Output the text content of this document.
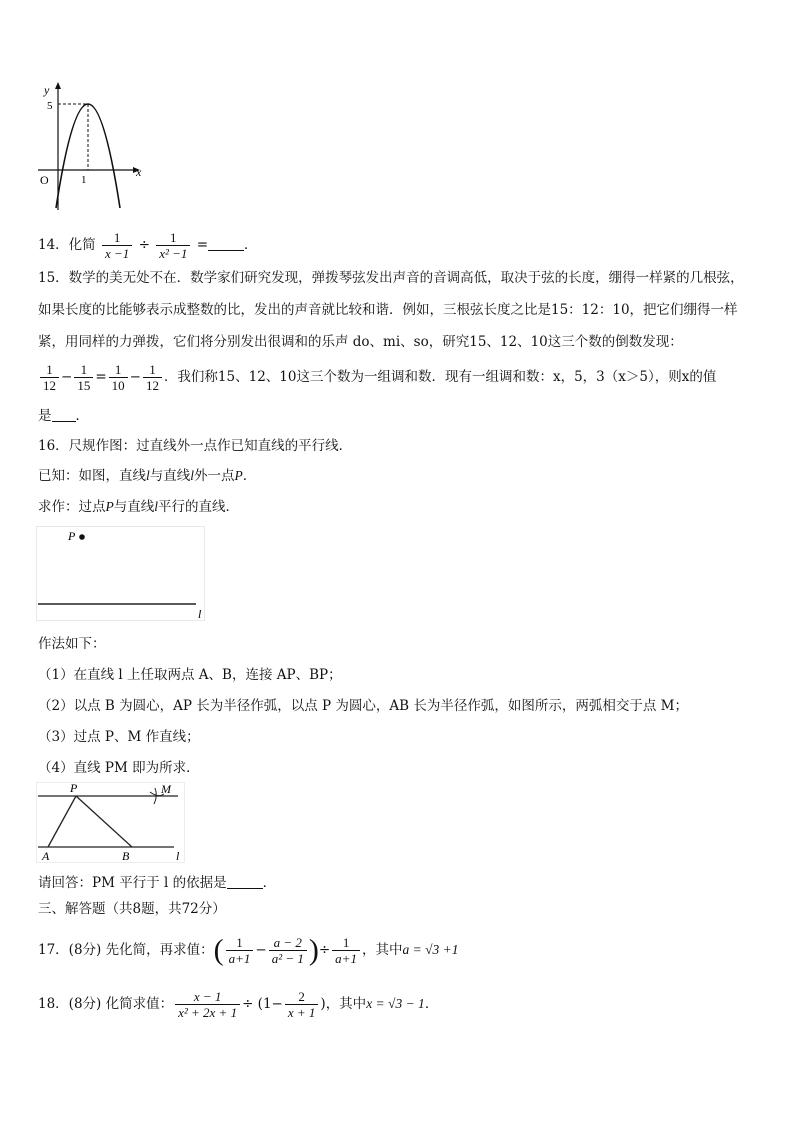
y
x
O
5
1
14．化简 $\frac{1}{x -1} \div \frac{1}{\text{x² −1}}$ =	．
15．数学的美无处不在．数学家们研究发现，弹拨琴弦发出声音的音调高低，取决于弦的长度，绷得一样紧的几根弦，
如果长度的比能够表示成整数的比，发出的声音就比较和谐．例如，三根弦长度之比是15：12：10，把它们绷得一样
紧，用同样的力弹拨，它们将分别发出很调和的乐声 do、mi、so，研究15、12、10这三个数的倒数发现：
$\frac{1}{12} - \frac{1}{15} = \frac{1}{10} - \frac{1}{12}$ ．我们称15、12、10这三个数为一组调和数．现有一组调和数：x，5，3（x＞5），则x的值
是 ．
16．尺规作图：过直线外一点作已知直线的平行线．
已知：如图，直线l与直线l外一点P．
求作：过点P与直线l平行的直线．
P
l
作法如下：
（1）在直线 l 上任取两点 A、B，连接 AP、BP；
（2）以点 B 为圆心，AP 长为半径作弧，以点 P 为圆心，AB 长为半径作弧，如图所示，两弧相交于点 M；
（3）过点 P、M 作直线；
（4）直线 PM 即为所求．
P	M
A	B	l
请回答：PM 平行于 l 的依据是	．
三、解答题（共8题，共72分）
17．(8分) 先化简，再求值：( $\frac{1}{a+1} - \frac{a - 2}{\text{a² − 1}}$ )÷ $\frac{1}{a+1}$ ，其中a = √3 +1
18．(8分) 化简求值： $\frac{x - 1}{\text{x² + 2x + 1}} \div (1- \frac{2}{x + 1}$ )，其中x = √3 − 1．
